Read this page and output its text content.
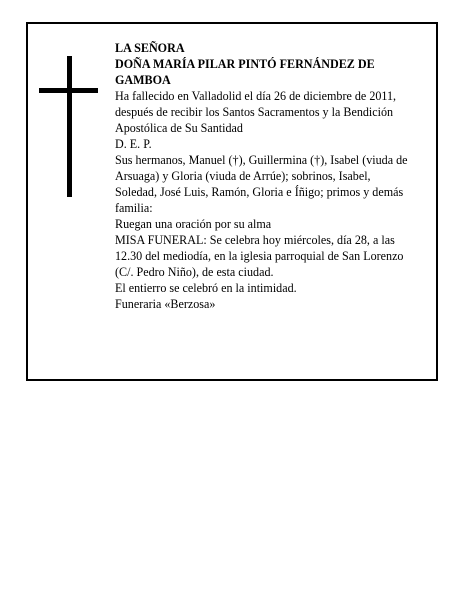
LA SEÑORA

DOÑA MARÍA PILAR PINTÓ FERNÁNDEZ DE GAMBOA

Ha fallecido en Valladolid el día 26 de diciembre de 2011, después de recibir los Santos Sacramentos y la Bendición Apostólica de Su Santidad

D. E. P.

Sus hermanos, Manuel (†), Guillermina (†), Isabel (viuda de Arsuaga) y Gloria (viuda de Arrúe); sobrinos, Isabel, Soledad, José Luis, Ramón, Gloria e Íñigo; primos y demás familia:

Ruegan una oración por su alma

MISA FUNERAL: Se celebra hoy miércoles, día 28, a las 12.30 del mediodía, en la iglesia parroquial de San Lorenzo (C/. Pedro Niño), de esta ciudad.

El entierro se celebró en la intimidad.

Funeraria «Berzosa»
